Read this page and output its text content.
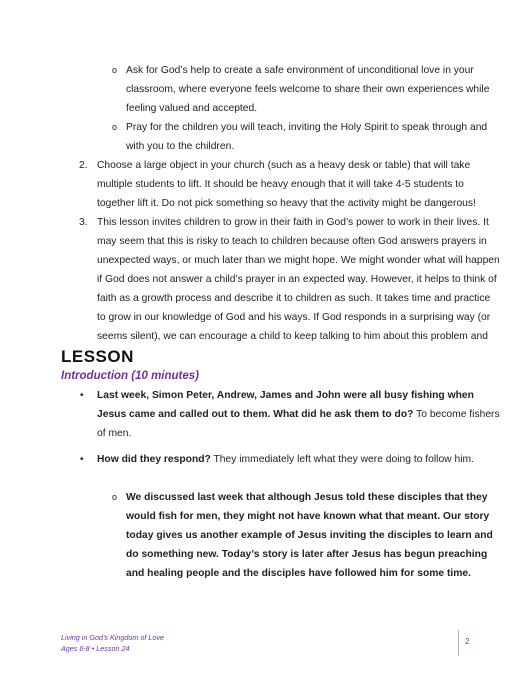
o Ask for God’s help to create a safe environment of unconditional love in your

classroom, where everyone feels welcome to share their own experiences while

feeling valued and accepted.

o Pray for the children you will teach, inviting the Holy Spirit to speak through and

with you to the children.

2. Choose a large object in your church (such as a heavy desk or table) that will take

multiple students to lift. It should be heavy enough that it will take 4-5 students to

together lift it. Do not pick something so heavy that the activity might be dangerous!

3. This lesson invites children to grow in their faith in God’s power to work in their lives. It

may seem that this is risky to teach to children because often God answers prayers in

unexpected ways, or much later than we might hope. We might wonder what will happen

if God does not answer a child’s prayer in an expected way. However, it helps to think of

faith as a growth process and describe it to children as such. It takes time and practice

to grow in our knowledge of God and his ways. If God responds in a surprising way (or

seems silent), we can encourage a child to keep talking to him about this problem and

LESSON
Introduction (10 minutes)
• Last week, Simon Peter, Andrew, James and John were all busy fishing when

Jesus came and called out to them. What did he ask them to do? To become fishers

of men.

• How did they respond? They immediately left what they were doing to follow him.

o We discussed last week that although Jesus told these disciples that they

would fish for men, they might not have known what that meant. Our story

today gives us another example of Jesus inviting the disciples to learn and

do something new. Today’s story is later after Jesus has begun preaching

and healing people and the disciples have followed him for some time.

Living in God’s Kingdom of Love
Ages 6-8 • Lesson 24
2
